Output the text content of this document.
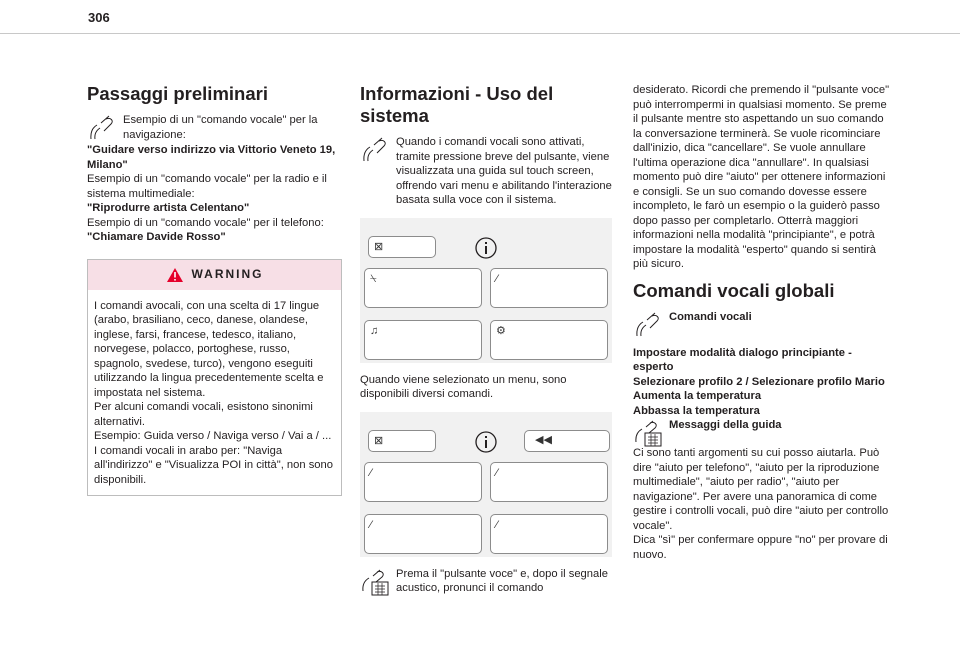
306
Passaggi preliminari

Esempio di un "comando vocale" per la navigazione:

"Guidare verso indirizzo via Vittorio Veneto 19, Milano"

Esempio di un "comando vocale" per la radio e il sistema multimediale:

"Riprodurre artista Celentano"

Esempio di un "comando vocale" per il telefono:

"Chiamare Davide Rosso"

WARNING

I comandi avocali, con una scelta di 17 lingue (arabo, brasiliano, ceco, danese, olandese, inglese, farsi, francese, tedesco, italiano, norvegese, polacco, portoghese, russo, spagnolo, svedese, turco), vengono eseguiti utilizzando la lingua precedentemente scelta e impostata nel sistema.

Per alcuni comandi vocali, esistono sinonimi alternativi.

Esempio: Guida verso / Naviga verso / Vai a / ...

I comandi vocali in arabo per: "Naviga all'indirizzo" e "Visualizza POI in città", non sono disponibili.

Informazioni - Uso del sistema

Quando i comandi vocali sono attivati, tramite pressione breve del pulsante, viene visualizzata una guida sul touch screen, offrendo vari menu e abilitando l'interazione basata sulla voce con il sistema.

⊠
⍀	⁄
♫	⚙

Quando viene selezionato un menu, sono disponibili diversi comandi.

⊠	◀◀
⁄	⁄
⁄	⁄

Prema il "pulsante voce" e, dopo il segnale acustico, pronunci il comando

desiderato. Ricordi che premendo il "pulsante voce" può interrompermi in qualsiasi momento. Se preme il pulsante mentre sto aspettando un suo comando la conversazione terminerà. Se vuole ricominciare dall'inizio, dica "cancellare". Se vuole annullare l'ultima operazione dica "annullare". In qualsiasi momento può dire "aiuto" per ottenere informazioni e consigli. Se un suo comando dovesse essere incompleto, le farò un esempio o la guiderò passo dopo passo per completarlo. Otterrà maggiori informazioni nella modalità "principiante", e potrà impostare la modalità "esperto" quando si sentirà più sicuro.

Comandi vocali globali

Comandi vocali

Impostare modalità dialogo principiante - esperto

Selezionare profilo 2 / Selezionare profilo Mario

Aumenta la temperatura

Abbassa la temperatura

Messaggi della guida

Ci sono tanti argomenti su cui posso aiutarla. Può dire "aiuto per telefono", "aiuto per la riproduzione multimediale", "aiuto per radio", "aiuto per navigazione". Per avere una panoramica di come gestire i controlli vocali, può dire "aiuto per controllo vocale".

Dica "sì" per confermare oppure "no" per provare di nuovo.
